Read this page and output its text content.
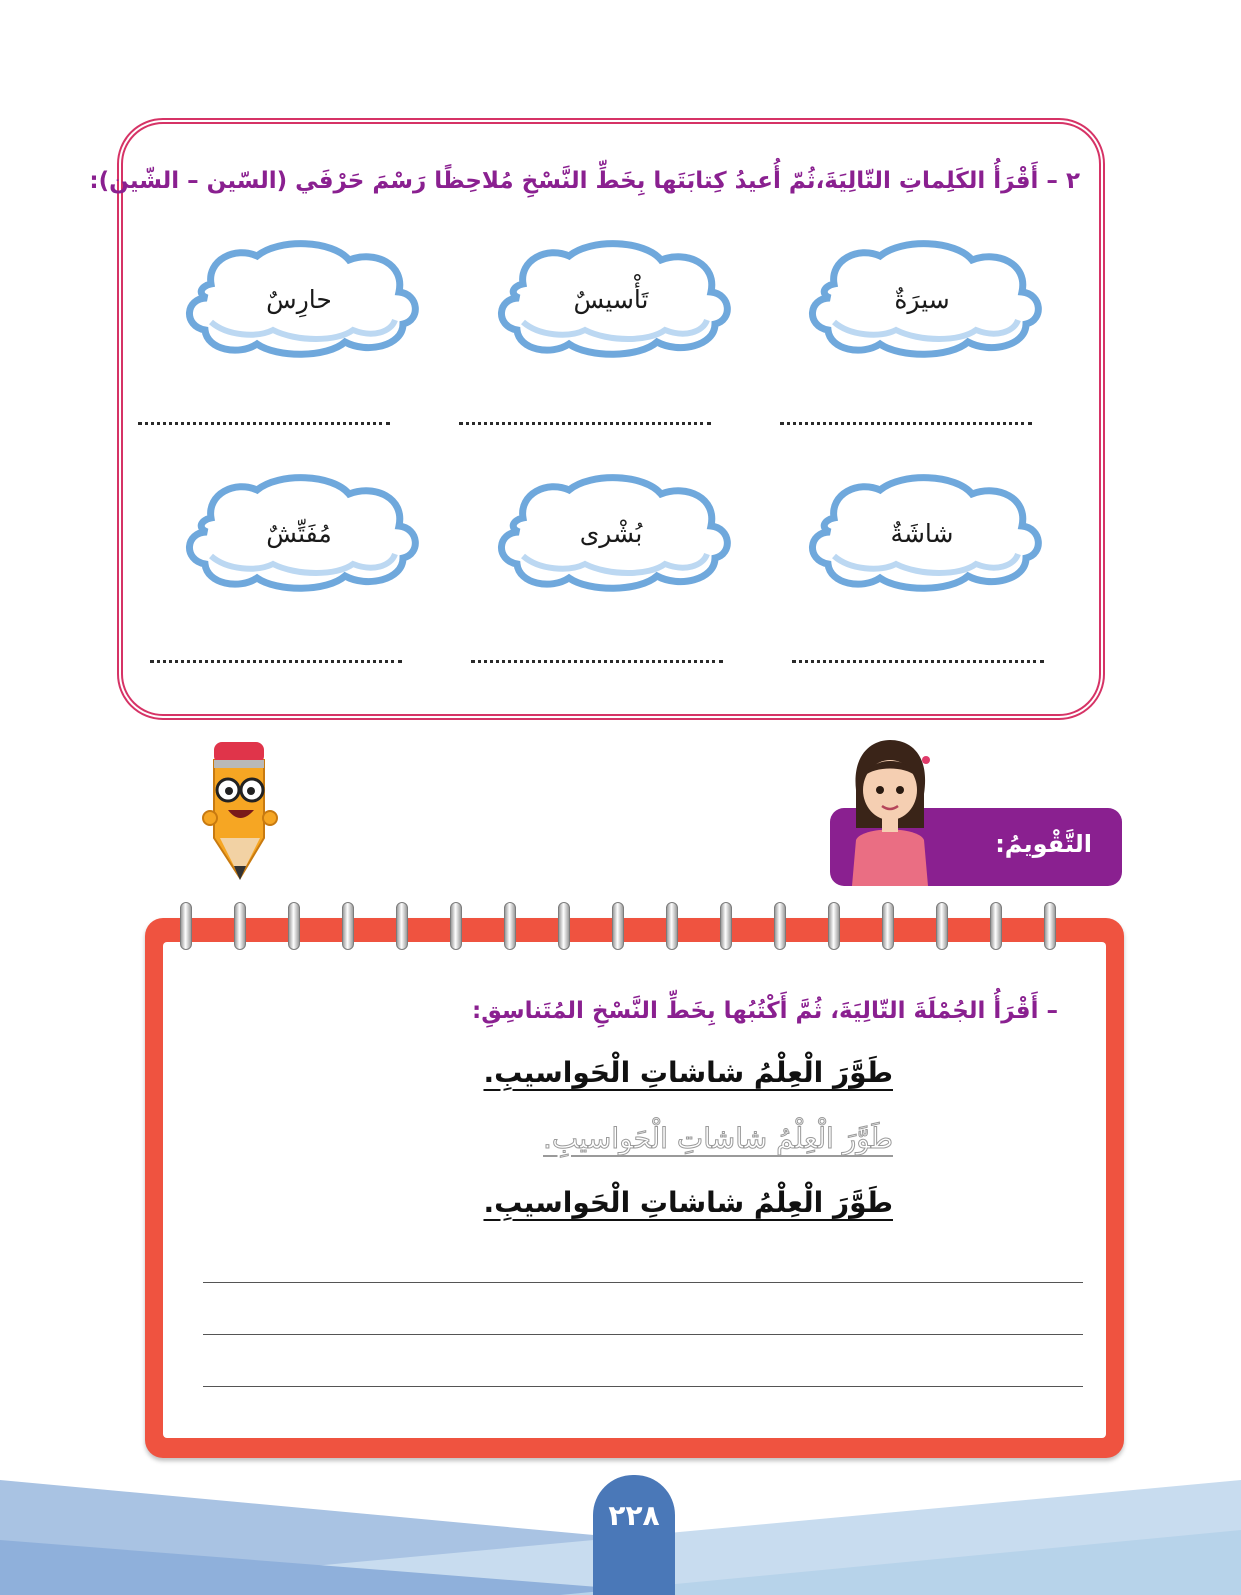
٢ – أَقْرَأُ الكَلِماتِ التّالِيَةَ،ثُمّ أُعيدُ كِتابَتَها بِخَطِّ النَّسْخِ مُلاحِظًا رَسْمَ حَرْفَي (السّين – الشّين):
سيرَةٌ
تَأْسيسٌ
حارِسٌ
شاشَةٌ
بُشْرى
مُفَتِّشٌ
التَّقْويمُ:
– أَقْرَأُ الجُمْلَةَ التّالِيَةَ، ثُمَّ أَكْتُبُها بِخَطِّ النَّسْخِ المُتَناسِقِ:
طَوَّرَ الْعِلْمُ شاشاتِ الْحَواسيبِ.
طَوَّرَ الْعِلْمُ شاشاتِ الْحَواسيبِ.
طَوَّرَ الْعِلْمُ شاشاتِ الْحَواسيبِ.
٢٢٨
